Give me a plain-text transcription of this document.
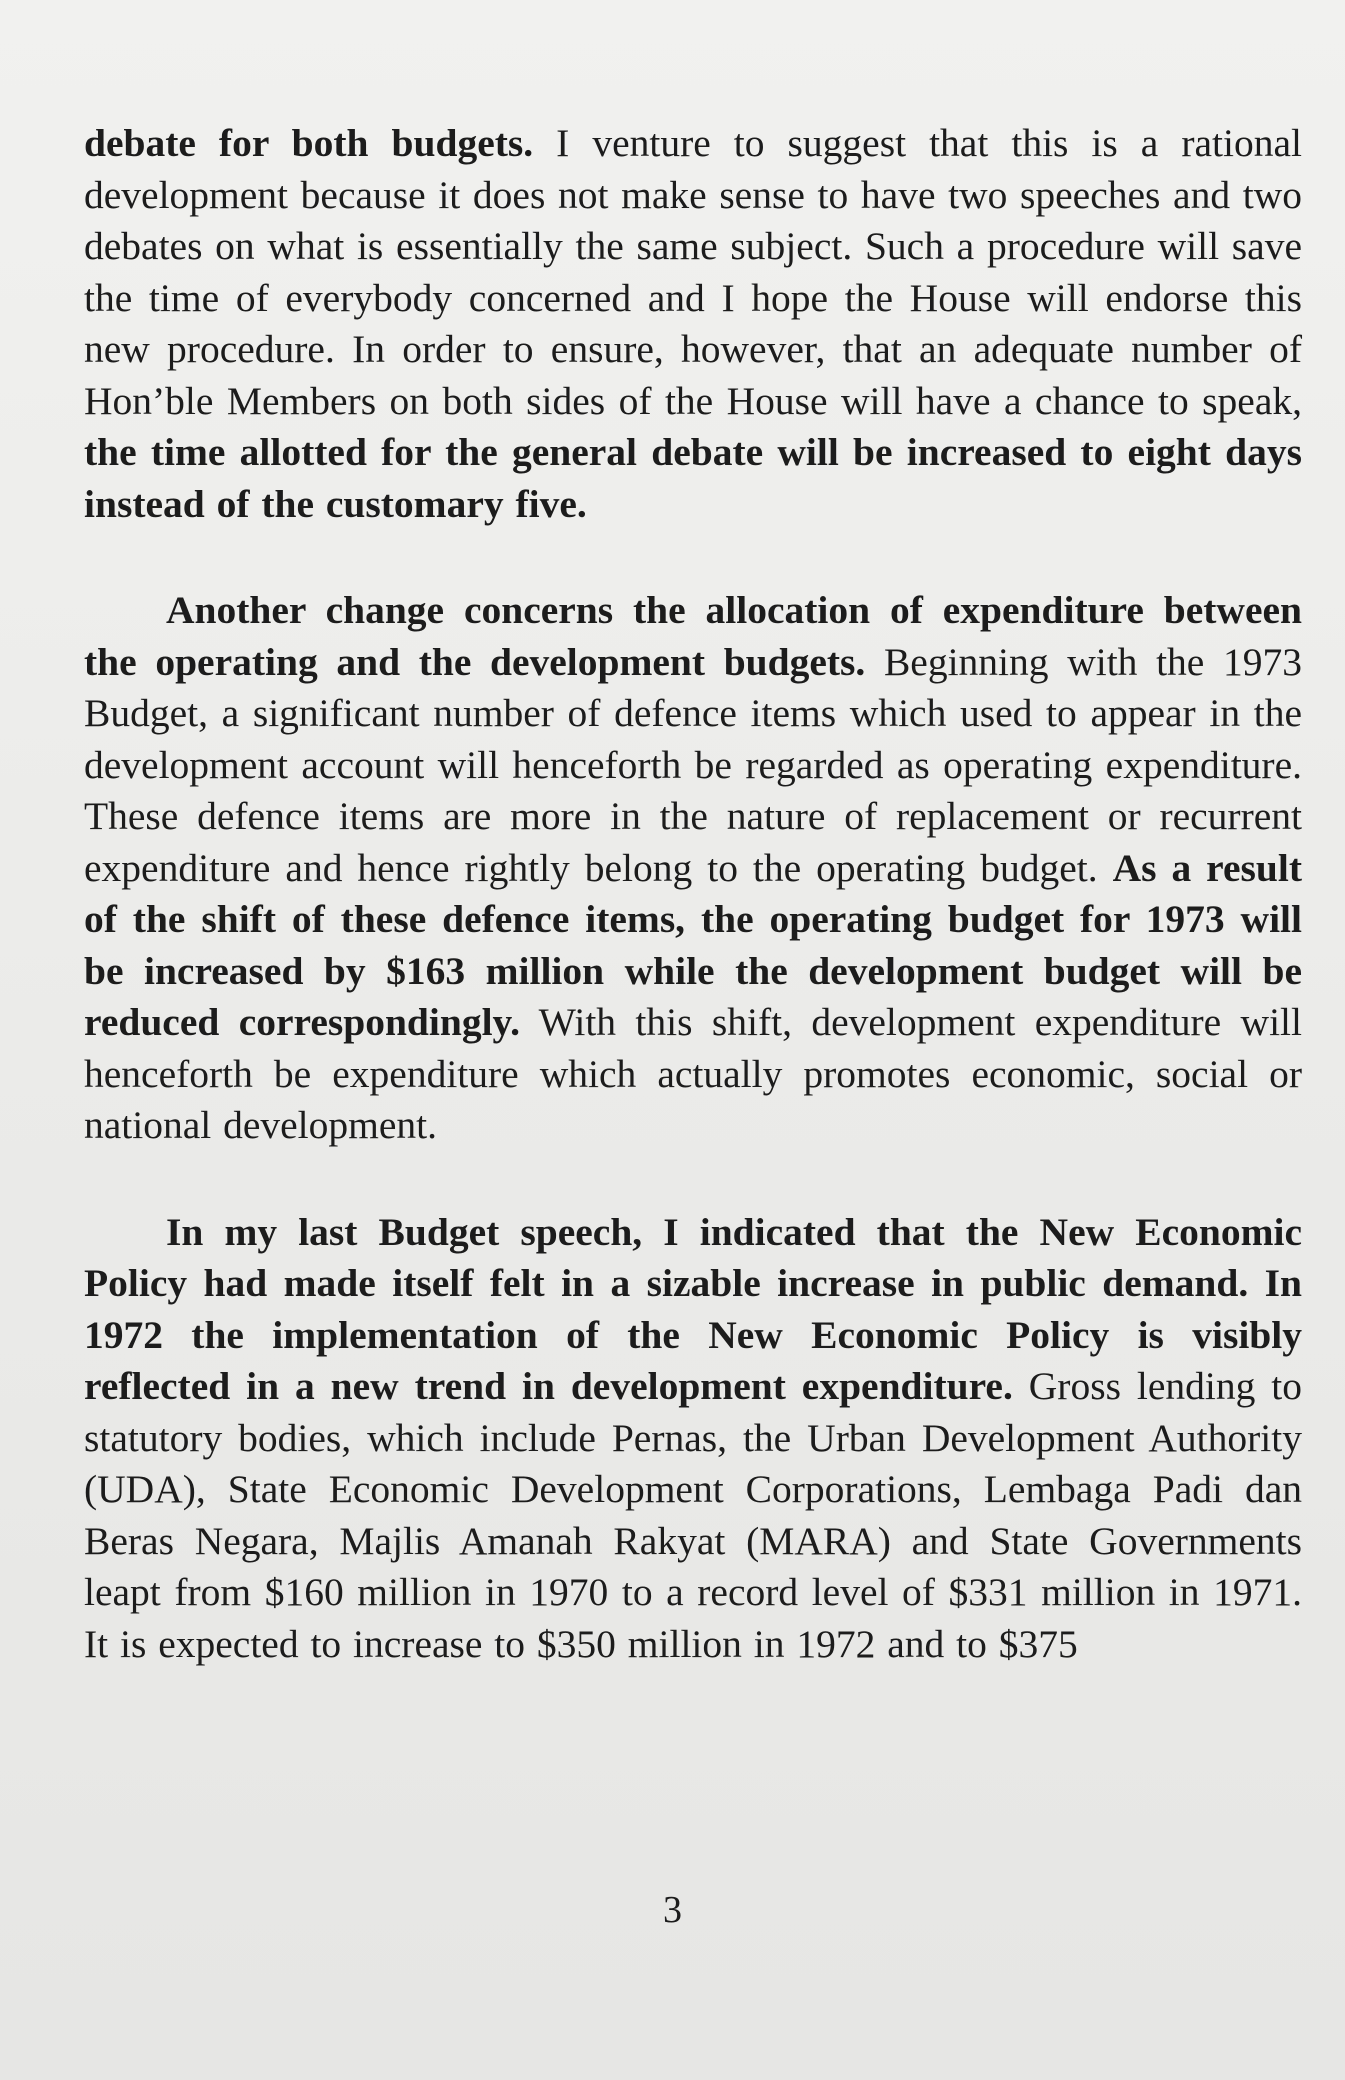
debate for both budgets. I venture to suggest that this is a rational development because it does not make sense to have two speeches and two debates on what is essentially the same subject. Such a procedure will save the time of everybody concerned and I hope the House will endorse this new procedure. In order to ensure, however, that an adequate number of Hon’ble Members on both sides of the House will have a chance to speak, the time allotted for the general debate will be increased to eight days instead of the customary five.

Another change concerns the allocation of expenditure between the operating and the development budgets. Beginning with the 1973 Budget, a significant number of defence items which used to appear in the development account will henceforth be regarded as operating expenditure. These defence items are more in the nature of replacement or recurrent expenditure and hence rightly belong to the operating budget. As a result of the shift of these defence items, the operating budget for 1973 will be increased by $163 million while the development budget will be reduced correspondingly. With this shift, development expenditure will henceforth be expenditure which actually promotes economic, social or national development.

In my last Budget speech, I indicated that the New Economic Policy had made itself felt in a sizable increase in public demand. In 1972 the implementation of the New Economic Policy is visibly reflected in a new trend in development expenditure. Gross lending to statutory bodies, which include Pernas, the Urban Development Authority (UDA), State Economic Development Corporations, Lembaga Padi dan Beras Negara, Majlis Amanah Rakyat (MARA) and State Governments leapt from $160 million in 1970 to a record level of $331 million in 1971. It is expected to increase to $350 million in 1972 and to $375

3
